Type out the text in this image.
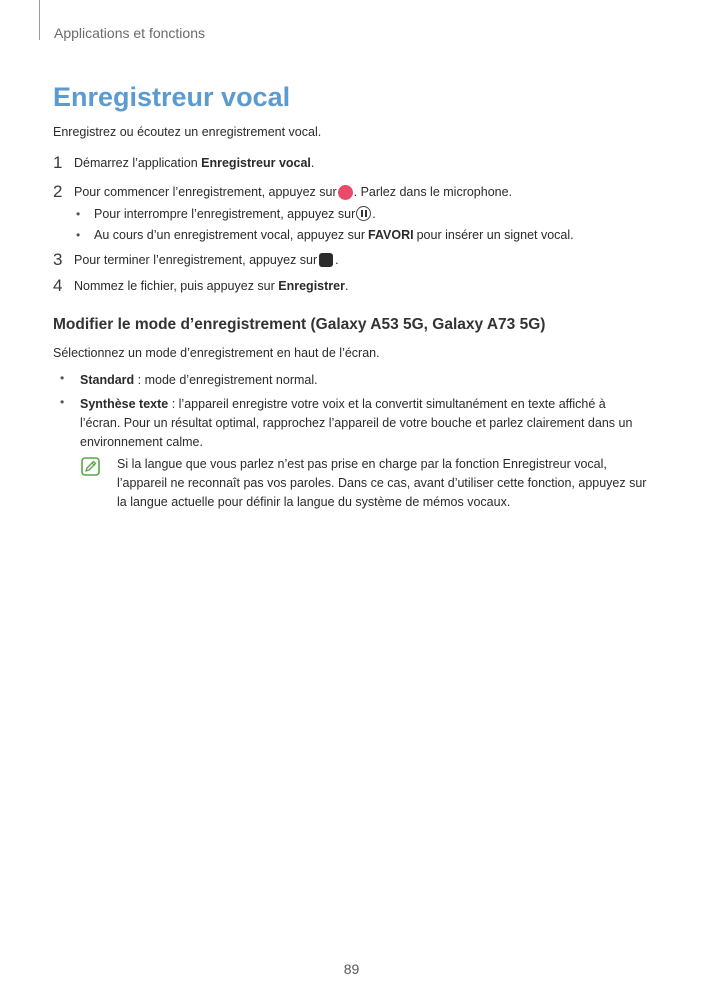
Applications et fonctions
Enregistreur vocal
Enregistrez ou écoutez un enregistrement vocal.
1 Démarrez l’application Enregistreur vocal.
2 Pour commencer l’enregistrement, appuyez sur . Parlez dans le microphone.
•	Pour interrompre l’enregistrement, appuyez sur .
•	Au cours d’un enregistrement vocal, appuyez sur FAVORI pour insérer un signet vocal.
3 Pour terminer l’enregistrement, appuyez sur .
4 Nommez le fichier, puis appuyez sur Enregistrer.
Modifier le mode d’enregistrement (Galaxy A53 5G, Galaxy A73 5G)
Sélectionnez un mode d’enregistrement en haut de l’écran.
• Standard : mode d’enregistrement normal.
• Synthèse texte : l’appareil enregistre votre voix et la convertit simultanément en texte affiché à l’écran. Pour un résultat optimal, rapprochez l’appareil de votre bouche et parlez clairement dans un environnement calme.
Si la langue que vous parlez n’est pas prise en charge par la fonction Enregistreur vocal, l’appareil ne reconnaît pas vos paroles. Dans ce cas, avant d’utiliser cette fonction, appuyez sur la langue actuelle pour définir la langue du système de mémos vocaux.
89
